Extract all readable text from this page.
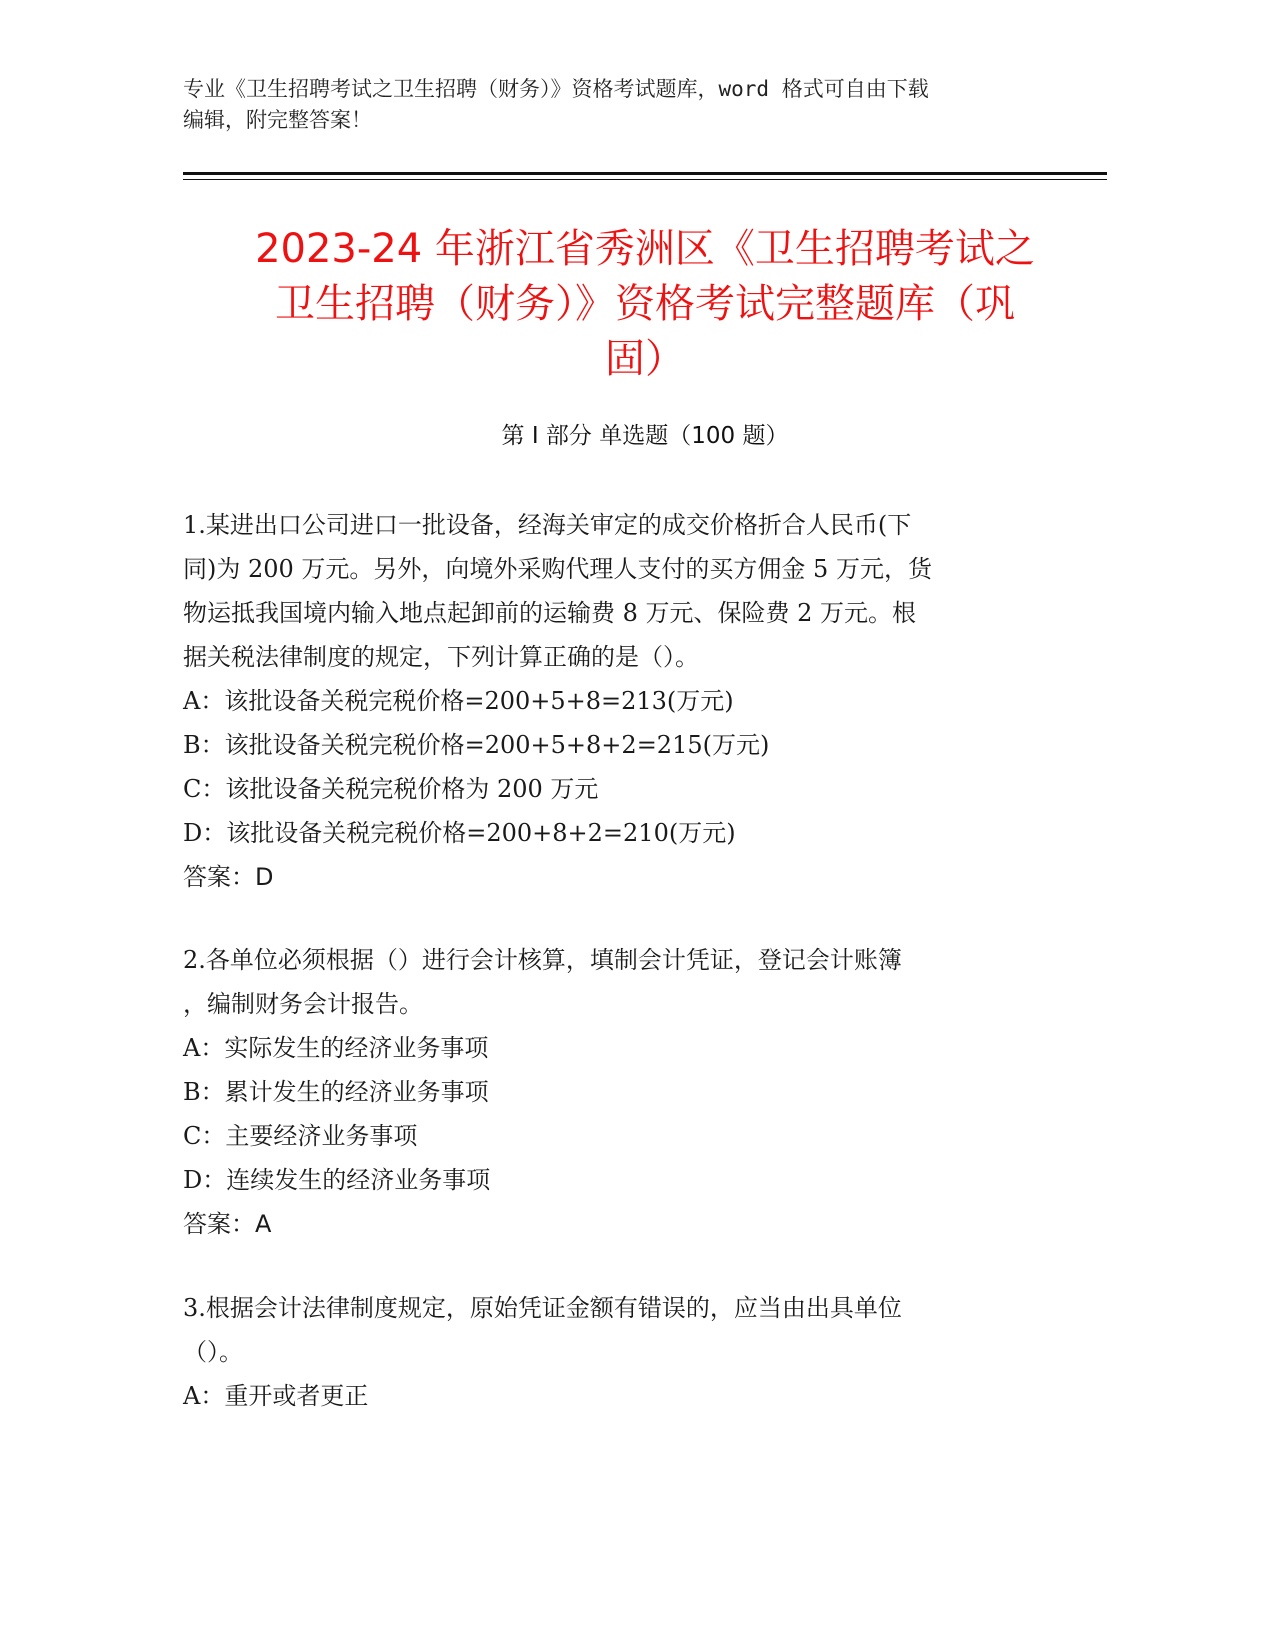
专业《卫生招聘考试之卫生招聘（财务）》资格考试题库，word 格式可自由下载
编辑，附完整答案！
2023-24 年浙江省秀洲区《卫生招聘考试之
卫生招聘（财务）》资格考试完整题库（巩
固）
第 I 部分 单选题（100 题）

1.某进出口公司进口一批设备，经海关审定的成交价格折合人民币(下

同)为 200 万元。另外，向境外采购代理人支付的买方佣金 5 万元，货

物运抵我国境内输入地点起卸前的运输费 8 万元、保险费 2 万元。根

据关税法律制度的规定，下列计算正确的是（）。

A：该批设备关税完税价格=200+5+8=213(万元)

B：该批设备关税完税价格=200+5+8+2=215(万元)

C：该批设备关税完税价格为 200 万元

D：该批设备关税完税价格=200+8+2=210(万元)

答案：D

2.各单位必须根据（）进行会计核算，填制会计凭证，登记会计账簿

，编制财务会计报告。

A：实际发生的经济业务事项

B：累计发生的经济业务事项

C：主要经济业务事项

D：连续发生的经济业务事项

答案：A

3.根据会计法律制度规定，原始凭证金额有错误的，应当由出具单位

（）。

A：重开或者更正
